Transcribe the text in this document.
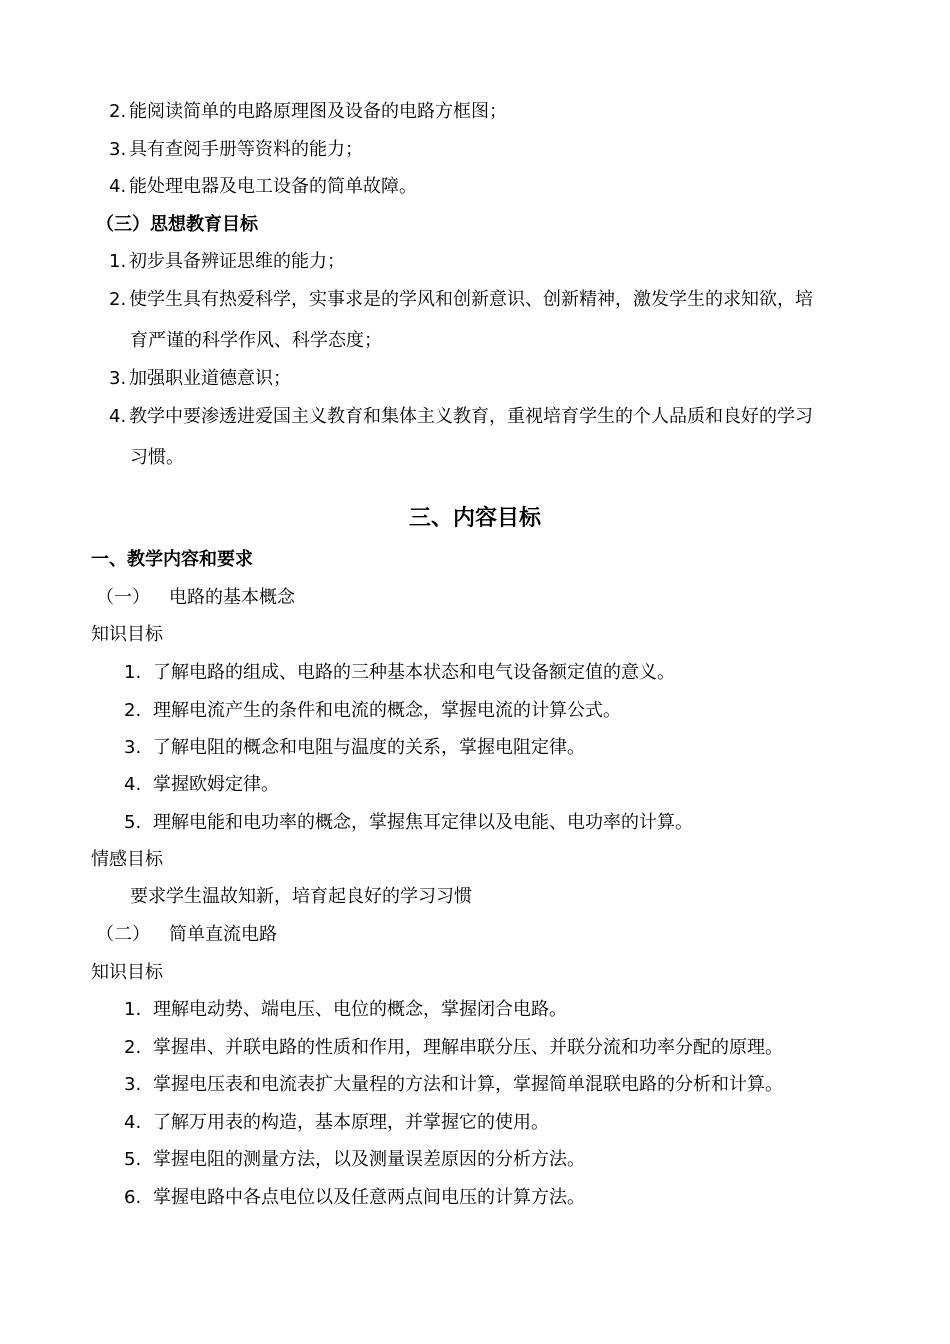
2. 能阅读简单的电路原理图及设备的电路方框图；
3. 具有查阅手册等资料的能力；
4. 能处理电器及电工设备的简单故障。
（三）思想教育目标
1. 初步具备辨证思维的能力；
2. 使学生具有热爱科学，实事求是的学风和创新意识、创新精神，激发学生的求知欲，培
育严谨的科学作风、科学态度；
3. 加强职业道德意识；
4. 教学中要渗透进爱国主义教育和集体主义教育，重视培育学生的个人品质和良好的学习
习惯。
三、内容目标
一、教学内容和要求
（一） 电路的基本概念
知识目标
1. 了解电路的组成、电路的三种基本状态和电气设备额定值的意义。
2. 理解电流产生的条件和电流的概念，掌握电流的计算公式。
3. 了解电阻的概念和电阻与温度的关系，掌握电阻定律。
4. 掌握欧姆定律。
5. 理解电能和电功率的概念，掌握焦耳定律以及电能、电功率的计算。
情感目标
要求学生温故知新，培育起良好的学习习惯
（二） 简单直流电路
知识目标
1. 理解电动势、端电压、电位的概念，掌握闭合电路。
2. 掌握串、并联电路的性质和作用，理解串联分压、并联分流和功率分配的原理。
3. 掌握电压表和电流表扩大量程的方法和计算，掌握简单混联电路的分析和计算。
4. 了解万用表的构造，基本原理，并掌握它的使用。
5. 掌握电阻的测量方法，以及测量误差原因的分析方法。
6. 掌握电路中各点电位以及任意两点间电压的计算方法。
